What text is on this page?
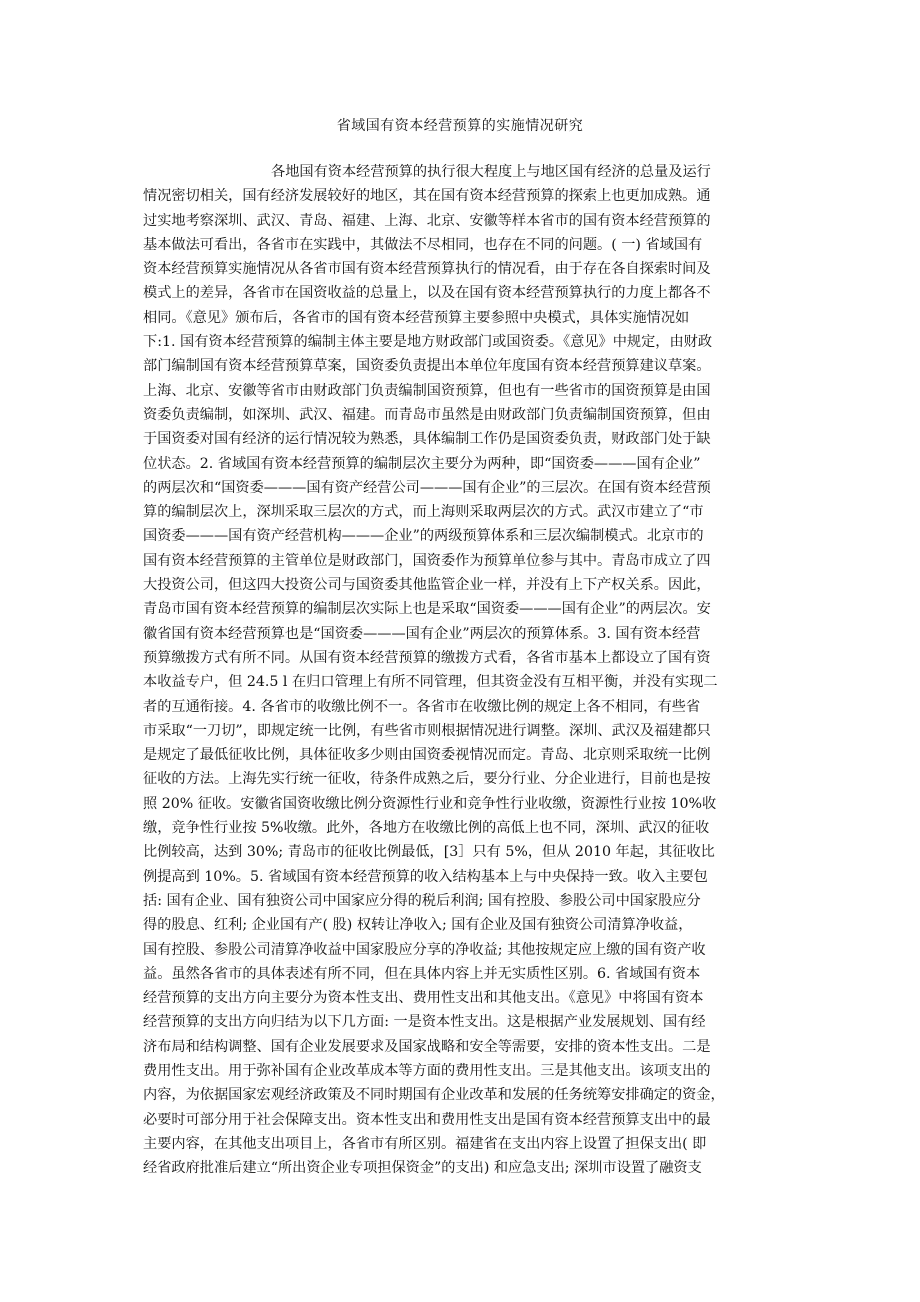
省域国有资本经营预算的实施情况研究

各地国有资本经营预算的执行很大程度上与地区国有经济的总量及运行
情况密切相关，国有经济发展较好的地区，其在国有资本经营预算的探索上也更加成熟。通
过实地考察深圳、武汉、青岛、福建、上海、北京、安徽等样本省市的国有资本经营预算的
基本做法可看出，各省市在实践中，其做法不尽相同，也存在不同的问题。( 一) 省域国有
资本经营预算实施情况从各省市国有资本经营预算执行的情况看，由于存在各自探索时间及
模式上的差异，各省市在国资收益的总量上，以及在国有资本经营预算执行的力度上都各不
相同。《意见》颁布后，各省市的国有资本经营预算主要参照中央模式，具体实施情况如
下:1. 国有资本经营预算的编制主体主要是地方财政部门或国资委。《意见》中规定，由财政
部门编制国有资本经营预算草案，国资委负责提出本单位年度国有资本经营预算建议草案。
上海、北京、安徽等省市由财政部门负责编制国资预算，但也有一些省市的国资预算是由国
资委负责编制，如深圳、武汉、福建。而青岛市虽然是由财政部门负责编制国资预算，但由
于国资委对国有经济的运行情况较为熟悉，具体编制工作仍是国资委负责，财政部门处于缺
位状态。2. 省域国有资本经营预算的编制层次主要分为两种，即“国资委———国有企业”
的两层次和“国资委———国有资产经营公司———国有企业”的三层次。在国有资本经营预
算的编制层次上，深圳采取三层次的方式，而上海则采取两层次的方式。武汉市建立了“市
国资委———国有资产经营机构———企业”的两级预算体系和三层次编制模式。北京市的
国有资本经营预算的主管单位是财政部门，国资委作为预算单位参与其中。青岛市成立了四
大投资公司，但这四大投资公司与国资委其他监管企业一样，并没有上下产权关系。因此，
青岛市国有资本经营预算的编制层次实际上也是采取“国资委———国有企业”的两层次。安
徽省国有资本经营预算也是“国资委———国有企业”两层次的预算体系。3. 国有资本经营
预算缴拨方式有所不同。从国有资本经营预算的缴拨方式看，各省市基本上都设立了国有资
本收益专户，但 24.5 l 在归口管理上有所不同管理，但其资金没有互相平衡，并没有实现二
者的互通衔接。4. 各省市的收缴比例不一。各省市在收缴比例的规定上各不相同，有些省
市采取“一刀切”，即规定统一比例，有些省市则根据情况进行调整。深圳、武汉及福建都只
是规定了最低征收比例，具体征收多少则由国资委视情况而定。青岛、北京则采取统一比例
征收的方法。上海先实行统一征收，待条件成熟之后，要分行业、分企业进行，目前也是按
照 20% 征收。安徽省国资收缴比例分资源性行业和竞争性行业收缴，资源性行业按 10%收
缴，竞争性行业按 5%收缴。此外，各地方在收缴比例的高低上也不同，深圳、武汉的征收
比例较高，达到 30%; 青岛市的征收比例最低，[3］只有 5%，但从 2010 年起，其征收比
例提高到 10%。5. 省域国有资本经营预算的收入结构基本上与中央保持一致。收入主要包
括: 国有企业、国有独资公司中国家应分得的税后利润; 国有控股、参股公司中国家股应分
得的股息、红利; 企业国有产( 股) 权转让净收入; 国有企业及国有独资公司清算净收益，
国有控股、参股公司清算净收益中国家股应分享的净收益; 其他按规定应上缴的国有资产收
益。虽然各省市的具体表述有所不同，但在具体内容上并无实质性区别。6. 省域国有资本
经营预算的支出方向主要分为资本性支出、费用性支出和其他支出。《意见》中将国有资本
经营预算的支出方向归结为以下几方面: 一是资本性支出。这是根据产业发展规划、国有经
济布局和结构调整、国有企业发展要求及国家战略和安全等需要，安排的资本性支出。二是
费用性支出。用于弥补国有企业改革成本等方面的费用性支出。三是其他支出。该项支出的
内容，为依据国家宏观经济政策及不同时期国有企业改革和发展的任务统筹安排确定的资金，
必要时可部分用于社会保障支出。资本性支出和费用性支出是国有资本经营预算支出中的最
主要内容，在其他支出项目上，各省市有所区别。福建省在支出内容上设置了担保支出( 即
经省政府批准后建立“所出资企业专项担保资金”的支出) 和应急支出; 深圳市设置了融资支
